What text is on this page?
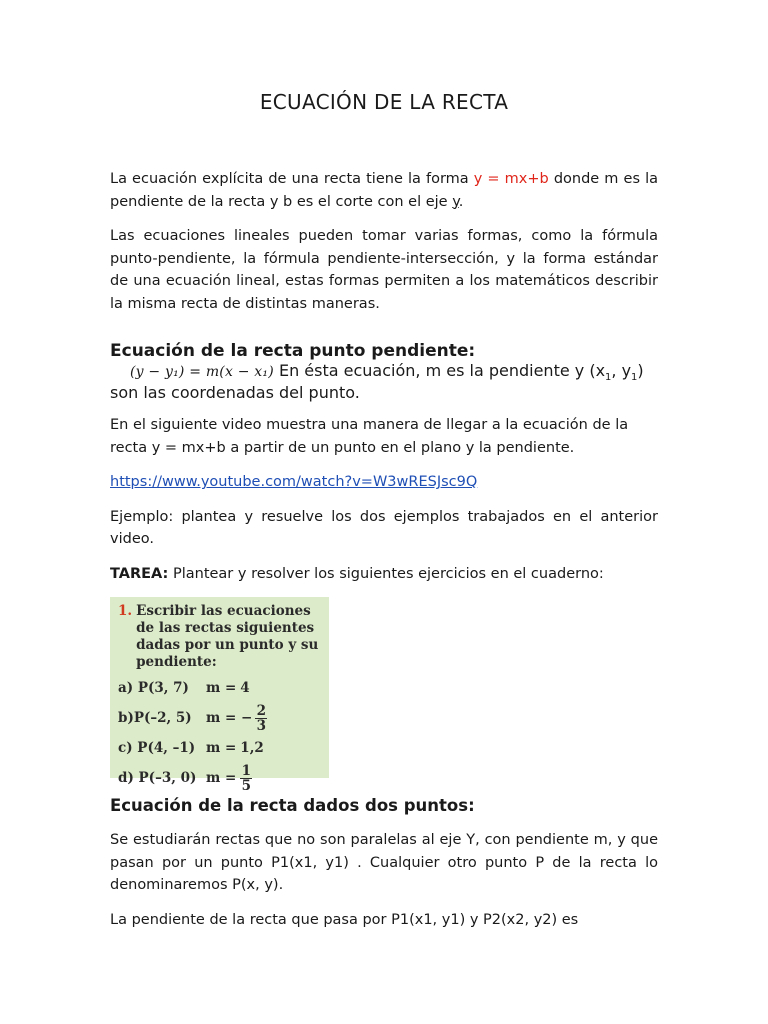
ECUACIÓN DE LA RECTA

La ecuación explícita de una recta tiene la forma y = mx+b donde m es la pendiente de la recta y b es el corte con el eje y.

Las ecuaciones lineales pueden tomar varias formas, como la fórmula punto-pendiente, la fórmula pendiente-intersección, y la forma estándar de una ecuación lineal, estas formas permiten a los matemáticos describir la misma recta de distintas maneras.

Ecuación de la recta punto pendiente:
(y − y₁) = m(x − x₁) En ésta ecuación, m es la pendiente y ($x_1$, $y_1$) son las coordenadas del punto.

En el siguiente video muestra una manera de llegar a la ecuación de la recta y = mx+b a partir de un punto en el plano y la pendiente.

https://www.youtube.com/watch?v=W3wRESJsc9Q

Ejemplo: plantea y resuelve los dos ejemplos trabajados en el anterior video.

TAREA: Plantear y resolver los siguientes ejercicios en el cuaderno:

1. Escribir las ecuaciones de las rectas siguientes dadas por un punto y su pendiente:
a) P(3, 7)	m = 4
b)P(–2, 5)	m = − $\frac{2}{3}$
c) P(4, –1) m = 1,2
d) P(–3, 0) $m = \frac{1}{5}$
Ecuación de la recta dados dos puntos:

Se estudiarán rectas que no son paralelas al eje Y, con pendiente m, y que pasan por un punto P1(x1, y1) . Cualquier otro punto P de la recta lo denominaremos P(x, y).

La pendiente de la recta que pasa por P1(x1, y1) y P2(x2, y2) es
